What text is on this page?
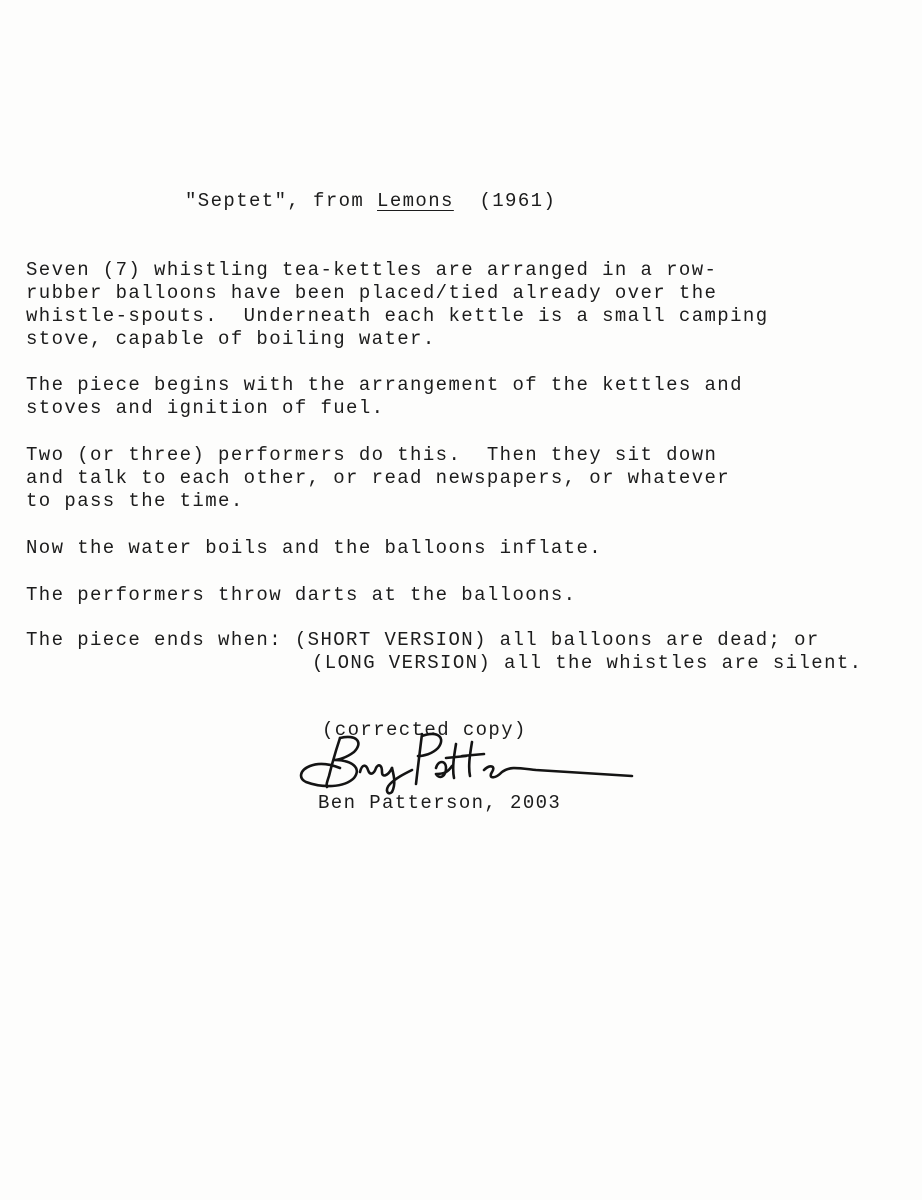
"Septet", from Lemons  (1961)

Seven (7) whistling tea-kettles are arranged in a row-
rubber balloons have been placed/tied already over the
whistle-spouts.  Underneath each kettle is a small camping
stove, capable of boiling water.

The piece begins with the arrangement of the kettles and
stoves and ignition of fuel.

Two (or three) performers do this.  Then they sit down
and talk to each other, or read newspapers, or whatever
to pass the time.

Now the water boils and the balloons inflate.

The performers throw darts at the balloons.

The piece ends when: (SHORT VERSION) all balloons are dead; or

(LONG VERSION) all the whistles are silent.
(corrected copy)
Ben Patterson, 2003
